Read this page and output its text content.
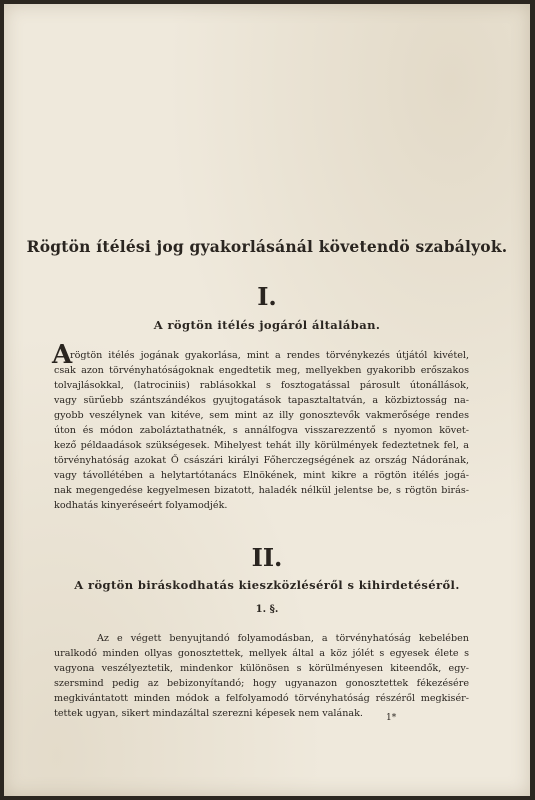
Rögtön ítélési jog gyakorlásánál követendö szabályok.
I.
A rögtön itélés jogáról általában.
A
rögtön itélés jogának gyakorlása, mint a rendes törvénykezés útjától kivétel,
csak azon törvényhatóságoknak engedtetik meg, mellyekben gyakoribb erőszakos
tolvajlásokkal, (latrociniis) rablásokkal s fosztogatással párosult útonállások,
vagy sürűebb szántszándékos gyujtogatások tapasztaltatván, a közbiztosság na-
gyobb veszélynek van kitéve, sem mint az illy gonosztevők vakmerősége rendes
úton és módon zaboláztathatnék, s annálfogva visszarezzentő s nyomon követ-
kező példaadások szükségesek. Mihelyest tehát illy körülmények fedeztetnek fel, a
törvényhatóság azokat Ő császári királyi Főherczegségének az ország Nádorának,
vagy távollétében a helytartótanács Elnökének, mint kikre a rögtön itélés jogá-
nak megengedése kegyelmesen bizatott, haladék nélkül jelentse be, s rögtön birás-
kodhatás kinyeréseért folyamodjék.
II.
A rögtön biráskodhatás kieszközléséről s kihirdetéséről.
1. §.
Az e végett benyujtandó folyamodásban, a törvényhatóság kebelében
uralkodó minden ollyas gonosztettek, mellyek által a köz jólét s egyesek élete s
vagyona veszélyeztetik, mindenkor különösen s körülményesen kiteendők, egy-
szersmind pedig az bebizonyítandó; hogy ugyanazon gonosztettek fékezésére
megkivántatott minden módok a felfolyamodó törvényhatóság részéről megkisér-
tettek ugyan, sikert mindazáltal szerezni képesek nem valának.	1*
